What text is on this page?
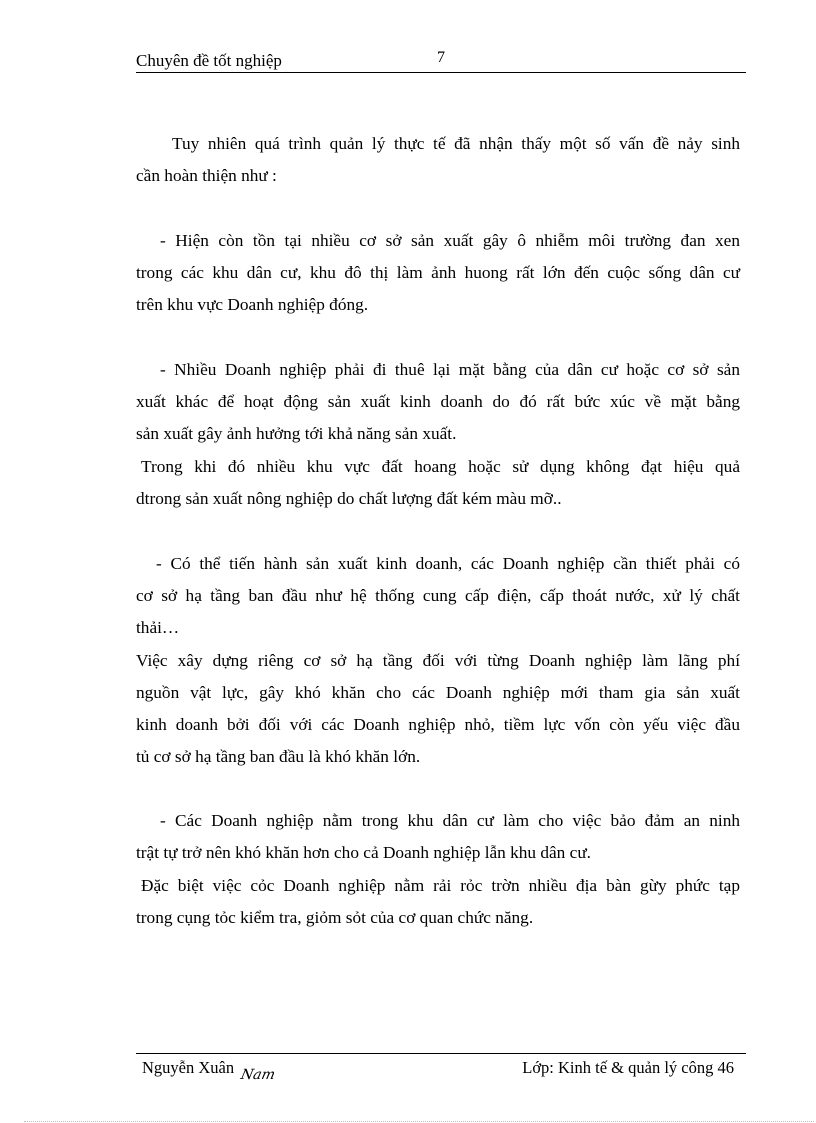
Chuyên đề tốt nghiệp	7
Tuy nhiên quá trình quản lý thực tế đã nhận thấy một số vấn đề nảy sinh
cần hoàn thiện như :
- Hiện còn tồn tại nhiều cơ sở sản xuất gây ô nhiễm môi trường đan xen
trong các khu dân cư, khu đô thị làm ảnh huong rất lớn đến cuộc sống dân cư
trên khu vực Doanh nghiệp đóng.
- Nhiều Doanh nghiệp phải đi thuê lại mặt bằng của dân cư hoặc cơ sở sản
xuất khác để hoạt động sản xuất kinh doanh do đó rất bức xúc về mặt bằng
sản xuất gây ảnh hưởng tới khả năng sản xuất.
Trong khi đó nhiều khu vực đất hoang hoặc sử dụng không đạt hiệu quả
dtrong sản xuất nông nghiệp do chất lượng đất kém màu mỡ..
- Có thể tiến hành sản xuất kinh doanh, các Doanh nghiệp cần thiết phải có
cơ sở hạ tầng ban đầu như hệ thống cung cấp điện, cấp thoát nước, xử lý chất
thải…
Việc xây dựng riêng cơ sở hạ tầng đối với từng Doanh nghiệp làm lãng phí
nguồn vật lực, gây khó khăn cho các Doanh nghiệp mới tham gia sản xuất
kinh doanh bởi đối với các Doanh nghiệp nhỏ, tiềm lực vốn còn yếu việc đầu
tủ cơ sở hạ tầng ban đầu là khó khăn lớn.
- Các Doanh nghiệp nằm trong khu dân cư làm cho việc bảo đảm an ninh
trật tự trở nên khó khăn hơn cho cả Doanh nghiệp lẫn khu dân cư.
Đặc biệt việc cỏc Doanh nghiệp nằm rải rỏc trờn nhiều địa bàn gừy phức tạp
trong cụng tỏc kiểm tra, giỏm sỏt của cơ quan chức năng.
Nguyễn Xuân Nam	Lớp: Kinh tế & quản lý công 46
